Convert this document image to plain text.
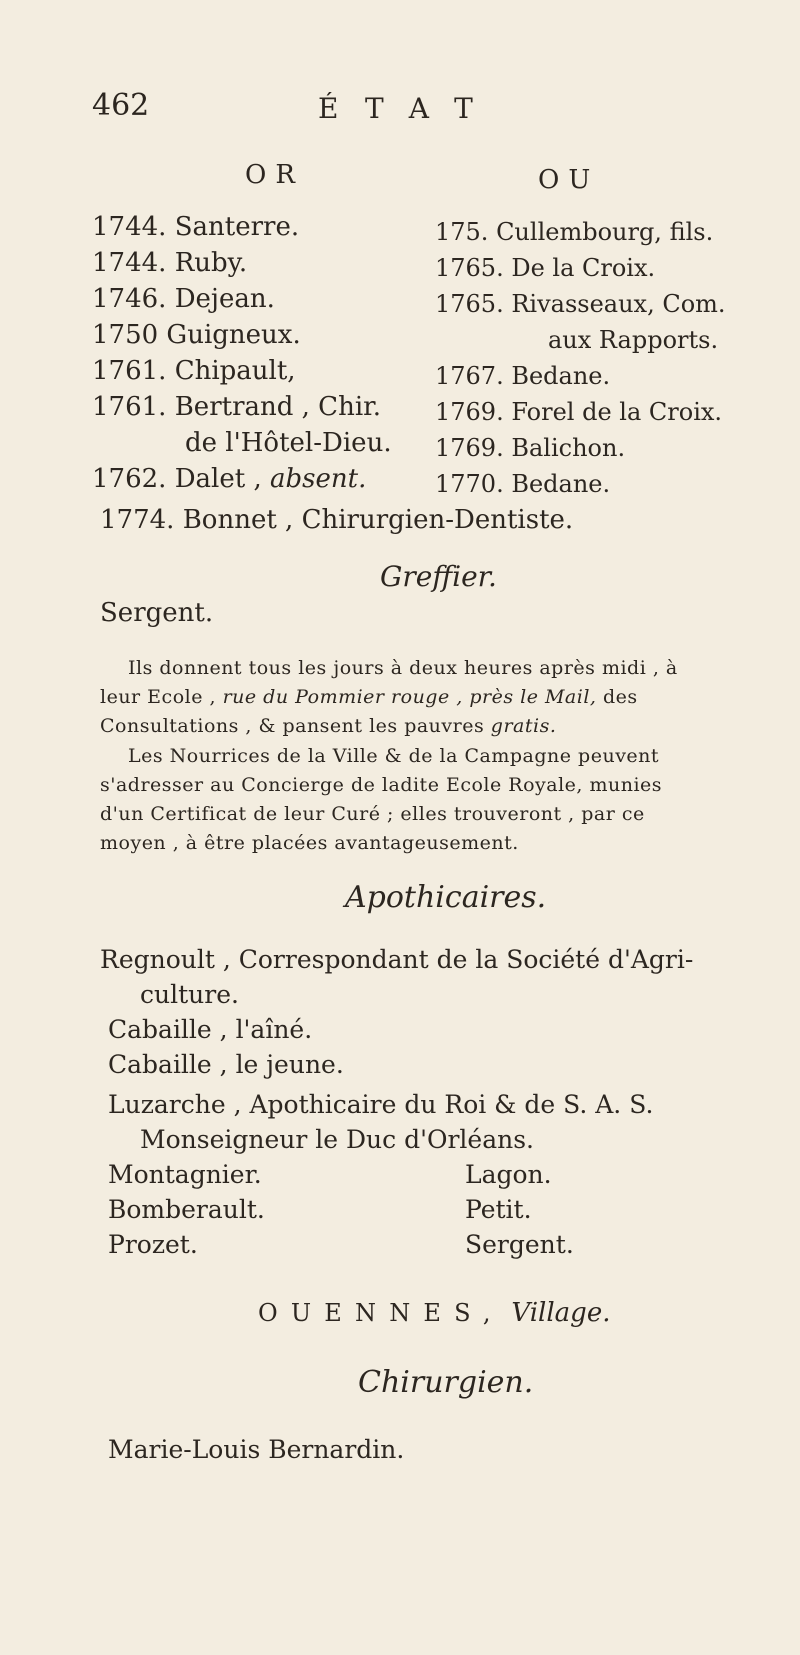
462	ÉTAT
OR	OU
1744. Santerre.
1744. Ruby.
1746. Dejean.
1750 Guigneux.
1761. Chipault,
1761. Bertrand , Chir.
de l'Hôtel-Dieu.
1762. Dalet , absent.
175. Cullembourg, fils.
1765. De la Croix.
1765. Rivasseaux, Com.
aux Rapports.
1767. Bedane.
1769. Forel de la Croix.
1769. Balichon.
1770. Bedane.
1774. Bonnet , Chirurgien-Dentiste.
Greffier.
Sergent.
Ils donnent tous les jours à deux heures après midi , à
leur Ecole , rue du Pommier rouge , près le Mail, des
Consultations , & pansent les pauvres gratis.
Les Nourrices de la Ville & de la Campagne peuvent
s'adresser au Concierge de ladite Ecole Royale, munies
d'un Certificat de leur Curé ; elles trouveront , par ce
moyen , à être placées avantageusement.
Apothicaires.
Regnoult , Correspondant de la Société d'Agri-
culture.
Cabaille , l'aîné.
Cabaille , le jeune.
Luzarche , Apothicaire du Roi & de S. A. S.
Monseigneur le Duc d'Orléans.
Montagnier.
Bomberault.
Prozet.
Lagon.
Petit.
Sergent.
OUENNES, Village.
Chirurgien.
Marie-Louis Bernardin.
